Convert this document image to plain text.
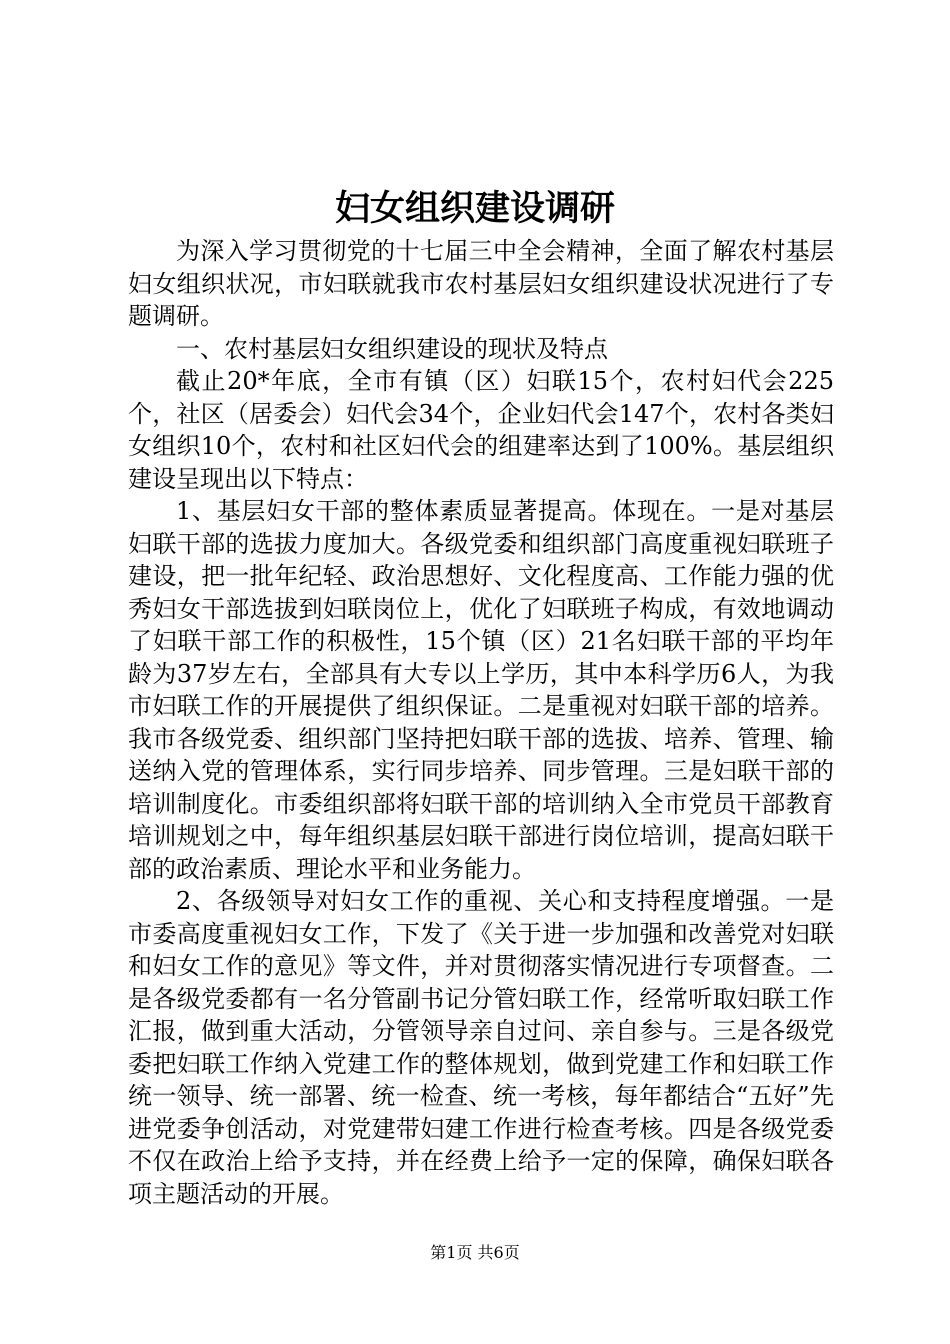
妇女组织建设调研

为深入学习贯彻党的十七届三中全会精神，全面了解农村基层妇女组织状况，市妇联就我市农村基层妇女组织建设状况进行了专题调研。

一、农村基层妇女组织建设的现状及特点

截止20*年底，全市有镇（区）妇联15个，农村妇代会225个，社区（居委会）妇代会34个，企业妇代会147个，农村各类妇女组织10个，农村和社区妇代会的组建率达到了100%。基层组织建设呈现出以下特点：

1、基层妇女干部的整体素质显著提高。体现在。一是对基层妇联干部的选拔力度加大。各级党委和组织部门高度重视妇联班子建设，把一批年纪轻、政治思想好、文化程度高、工作能力强的优秀妇女干部选拔到妇联岗位上，优化了妇联班子构成，有效地调动了妇联干部工作的积极性，15个镇（区）21名妇联干部的平均年龄为37岁左右，全部具有大专以上学历，其中本科学历6人，为我市妇联工作的开展提供了组织保证。二是重视对妇联干部的培养。我市各级党委、组织部门坚持把妇联干部的选拔、培养、管理、输送纳入党的管理体系，实行同步培养、同步管理。三是妇联干部的培训制度化。市委组织部将妇联干部的培训纳入全市党员干部教育培训规划之中，每年组织基层妇联干部进行岗位培训，提高妇联干部的政治素质、理论水平和业务能力。

2、各级领导对妇女工作的重视、关心和支持程度增强。一是市委高度重视妇女工作，下发了《关于进一步加强和改善党对妇联和妇女工作的意见》等文件，并对贯彻落实情况进行专项督查。二是各级党委都有一名分管副书记分管妇联工作，经常听取妇联工作汇报，做到重大活动，分管领导亲自过问、亲自参与。三是各级党委把妇联工作纳入党建工作的整体规划，做到党建工作和妇联工作统一领导、统一部署、统一检查、统一考核，每年都结合“五好”先进党委争创活动，对党建带妇建工作进行检查考核。四是各级党委不仅在政治上给予支持，并在经费上给予一定的保障，确保妇联各项主题活动的开展。

第1页 共6页
